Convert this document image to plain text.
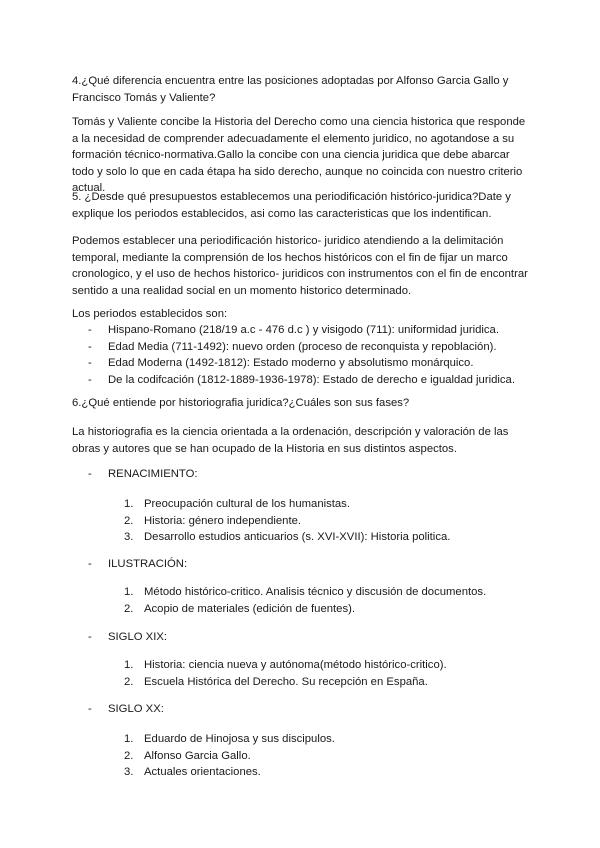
4.¿Qué diferencia encuentra entre las posiciones adoptadas por Alfonso Garcia Gallo y Francisco Tomás y Valiente?

Tomás y Valiente concibe la Historia del Derecho como una ciencia historica que responde a la necesidad de comprender adecuadamente el elemento juridico, no agotandose a su formación técnico-normativa.Gallo la concibe con una ciencia juridica que debe abarcar todo y solo lo que en cada étapa ha sido derecho, aunque no coincida con nuestro criterio actual.

5. ¿Desde qué presupuestos establecemos una periodificación histórico-juridica?Date y explique los periodos establecidos, asi como las caracteristicas que los indentifican.

Podemos establecer una periodificación historico- juridico atendiendo a la delimitación temporal, mediante la comprensión de los hechos históricos con el fin de fijar un marco cronologico, y el uso de hechos historico- juridicos con instrumentos con el fin de encontrar sentido a una realidad social en un momento historico determinado.

Los periodos establecidos son:

- Hispano-Romano (218/19 a.c - 476 d.c ) y visigodo (711): uniformidad juridica.
- Edad Media (711-1492): nuevo orden (proceso de reconquista y repoblación).
- Edad Moderna (1492-1812): Estado moderno y absolutismo monárquico.
- De la codifcación (1812-1889-1936-1978): Estado de derecho e igualdad juridica.

6.¿Qué entiende por historiografia juridica?¿Cuáles son sus fases?

La historiografia es la ciencia orientada a la ordenación, descripción y valoración de las obras y autores que se han ocupado de la Historia en sus distintos aspectos.

- RENACIMIENTO:
1. Preocupación cultural de los humanistas.
2. Historia: género independiente.
3. Desarrollo estudios anticuarios (s. XVI-XVII): Historia politica.
- ILUSTRACIÓN:
1. Método histórico-critico. Analisis técnico y discusión de documentos.
2. Acopio de materiales (edición de fuentes).
- SIGLO XIX:
1. Historia: ciencia nueva y autónoma(método histórico-critico).
2. Escuela Histórica del Derecho. Su recepción en España.
- SIGLO XX:
1. Eduardo de Hinojosa y sus discipulos.
2. Alfonso Garcia Gallo.
3. Actuales orientaciones.
